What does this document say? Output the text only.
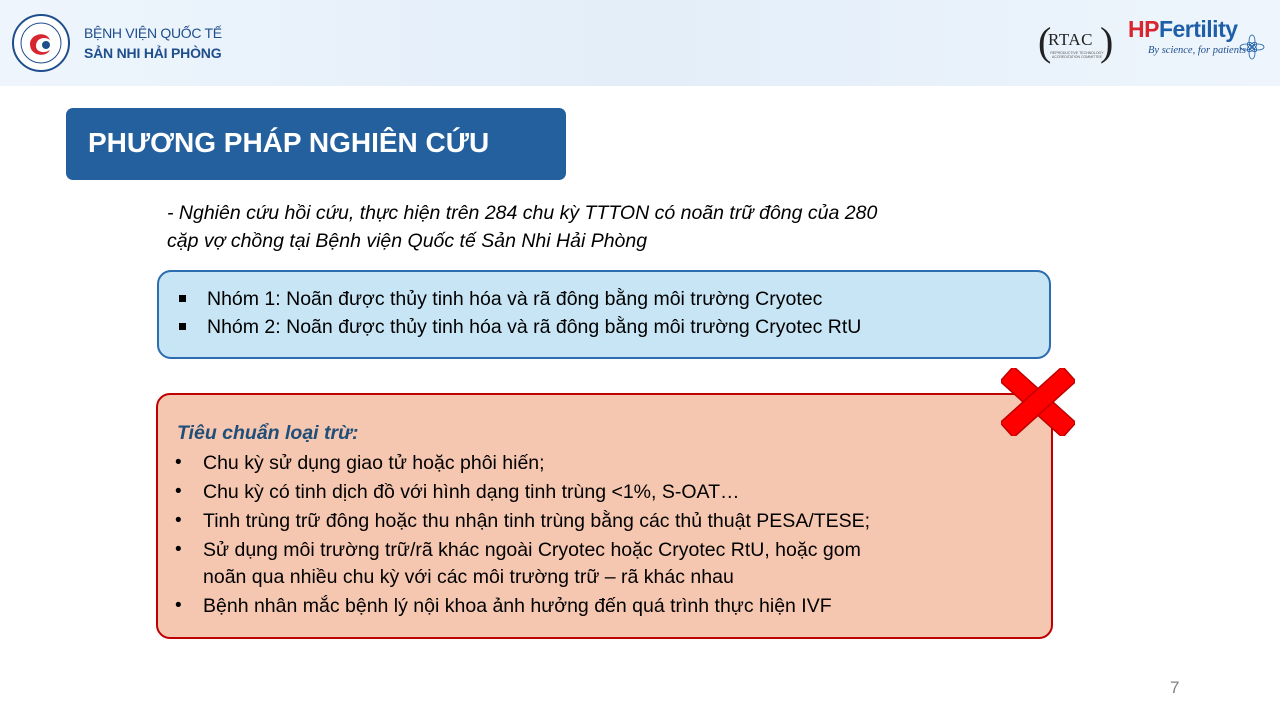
BỆNH VIỆN QUỐC TẾ
SẢN NHI HẢI PHÒNG	(
RTAC
REPRODUCTIVE TECHNOLOGY ACCREDITATION COMMITTEE
) HPFertility
By science, for patients
PHƯƠNG PHÁP NGHIÊN CỨU
- Nghiên cứu hồi cứu, thực hiện trên 284 chu kỳ TTTON có noãn trữ đông của 280
cặp vợ chồng tại Bệnh viện Quốc tế Sản Nhi Hải Phòng
Nhóm 1: Noãn được thủy tinh hóa và rã đông bằng môi trường Cryotec
Nhóm 2: Noãn được thủy tinh hóa và rã đông bằng môi trường Cryotec RtU
Tiêu chuẩn loại trừ:
• Chu kỳ sử dụng giao tử hoặc phôi hiến;
• Chu kỳ có tinh dịch đồ với hình dạng tinh trùng <1%, S-OAT…
• Tinh trùng trữ đông hoặc thu nhận tinh trùng bằng các thủ thuật PESA/TESE;
• Sử dụng môi trường trữ/rã khác ngoài Cryotec hoặc Cryotec RtU, hoặc gom
noãn qua nhiều chu kỳ với các môi trường trữ – rã khác nhau
• Bệnh nhân mắc bệnh lý nội khoa ảnh hưởng đến quá trình thực hiện IVF
7
